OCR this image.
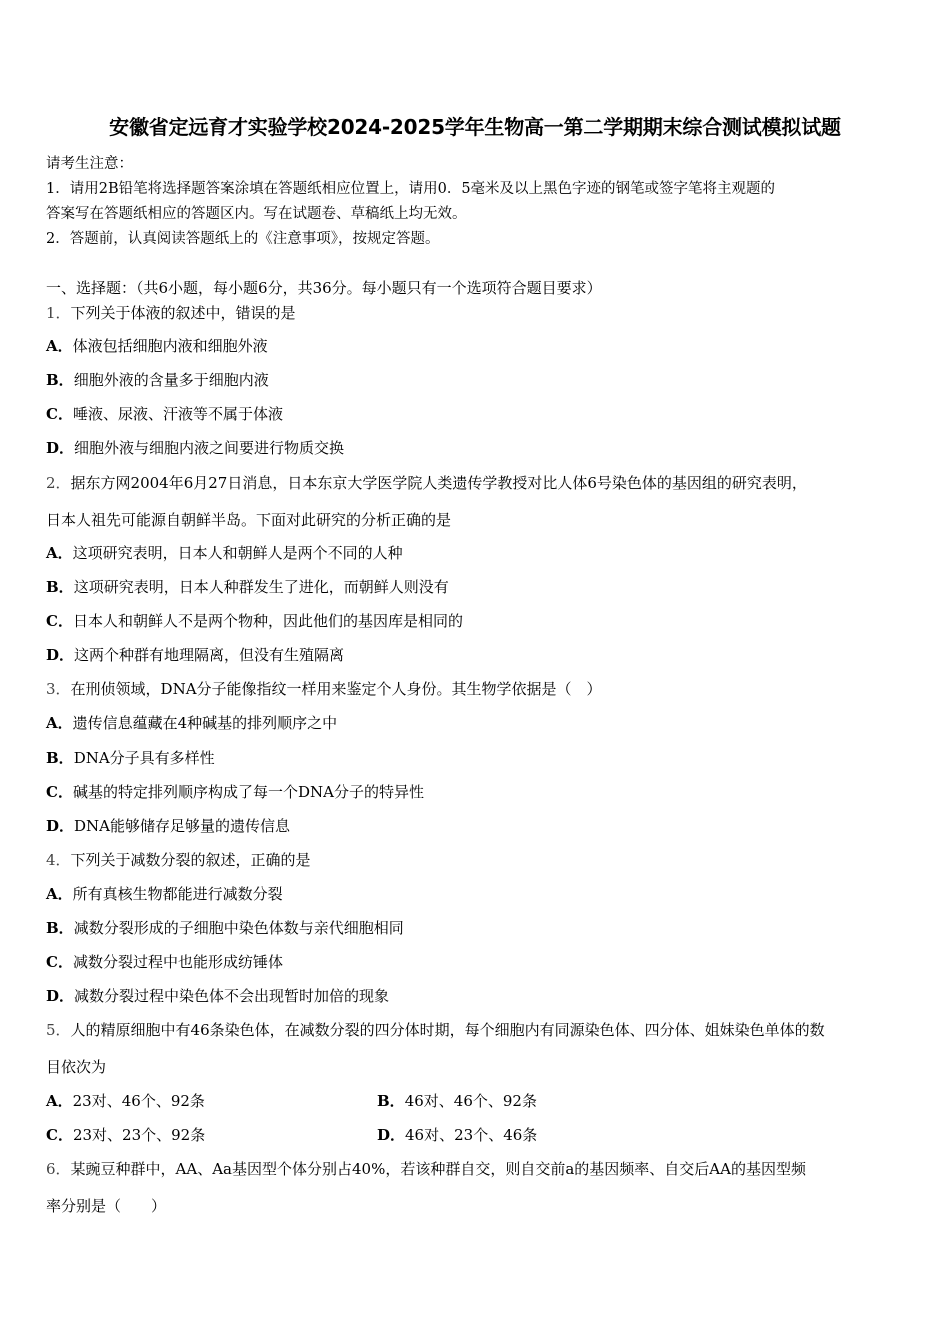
安徽省定远育才实验学校2024-2025学年生物高一第二学期期末综合测试模拟试题
请考生注意：
1．请用2B铅笔将选择题答案涂填在答题纸相应位置上，请用0．5毫米及以上黑色字迹的钢笔或签字笔将主观题的
答案写在答题纸相应的答题区内。写在试题卷、草稿纸上均无效。
2．答题前，认真阅读答题纸上的《注意事项》，按规定答题。
一、选择题：（共6小题，每小题6分，共36分。每小题只有一个选项符合题目要求）
1．下列关于体液的叙述中，错误的是
A．体液包括细胞内液和细胞外液
B．细胞外液的含量多于细胞内液
C．唾液、尿液、汗液等不属于体液
D．细胞外液与细胞内液之间要进行物质交换
2．据东方网2004年6月27日消息，日本东京大学医学院人类遗传学教授对比人体6号染色体的基因组的研究表明，
日本人祖先可能源自朝鲜半岛。下面对此研究的分析正确的是
A．这项研究表明，日本人和朝鲜人是两个不同的人种
B．这项研究表明，日本人种群发生了进化，而朝鲜人则没有
C．日本人和朝鲜人不是两个物种，因此他们的基因库是相同的
D．这两个种群有地理隔离，但没有生殖隔离
3．在刑侦领域，DNA分子能像指纹一样用来鉴定个人身份。其生物学依据是（　）
A．遗传信息蕴藏在4种碱基的排列顺序之中
B．DNA分子具有多样性
C．碱基的特定排列顺序构成了每一个DNA分子的特异性
D．DNA能够储存足够量的遗传信息
4．下列关于减数分裂的叙述，正确的是
A．所有真核生物都能进行减数分裂
B．减数分裂形成的子细胞中染色体数与亲代细胞相同
C．减数分裂过程中也能形成纺锤体
D．减数分裂过程中染色体不会出现暂时加倍的现象
5．人的精原细胞中有46条染色体，在减数分裂的四分体时期，每个细胞内有同源染色体、四分体、姐妹染色单体的数
目依次为
A．23对、46个、92条	B．46对、46个、92条
C．23对、23个、92条	D．46对、23个、46条
6．某豌豆种群中，AA、Aa基因型个体分别占40%，若该种群自交，则自交前a的基因频率、自交后AA的基因型频
率分别是（　　）
